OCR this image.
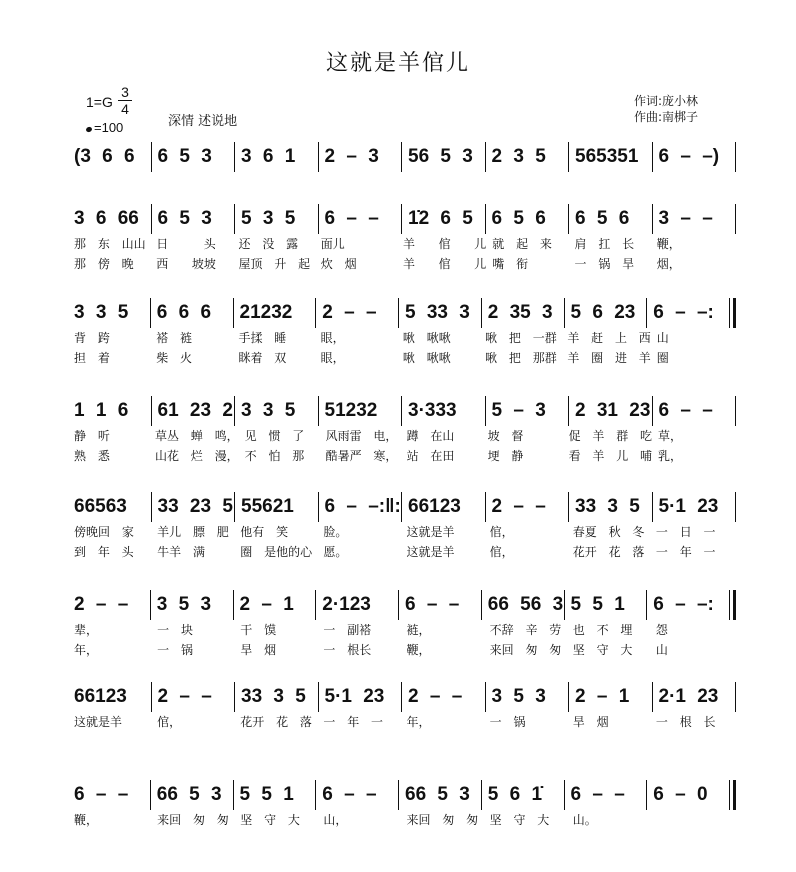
这就是羊倌儿
1=G
3
4
=100	深情 述说地
作词:庞小林
作曲:南梆子
(3 6 6	6 5 3	3 6 1	2 – 3	56 5 3 2 3 5	565351	6 – –)
3 6 66 6 5 3	5 3 5	6 – –	1̇2 6 5 6 5 6	6 5 6	3 – –
那 东 山山 日   头	还 没 露	面儿	羊  倌  儿 就 起 来	肩 扛 长	鞭，
那 傍 晚	西  坡坡	屋顶 升 起 炊 烟	羊  倌  儿 嘴 衔	一 锅 旱	烟，
3 3 5	6 6 6	21232	2 – –	5 33 3 2 35 3 5 6 23 6 – –:
背 跨	褡 裢	手揉 睡	眼，	啾 啾啾	啾 把 一群 羊 赶 上 西 山
担 着	柴 火	眯着 双	眼，	啾 啾啾	啾 把 那群 羊 圈 进 羊 圈
1 1 6	61 23 2 3 3 5	51232	3·333	5 – 3	2 31 23 6 – –
静 听	草丛 蝉 鸣， 见 惯 了	风雨雷 电， 蹲 在山	坡 督	促 羊 群 吃 草，
熟 悉	山花 烂 漫， 不 怕 那	酷暑严 寒， 站 在田	埂 静	看 羊 儿 哺 乳，
66563	33 23 5 55621	6 – –:‖: 66123	2 – –	33 3 5 5·1 23
傍晚回 家	羊儿 膘 肥 他有 笑	脸。	这就是羊	倌，	春夏 秋 冬 一 日 一
到 年 头	牛羊 满	圈 是他的心 愿。	这就是羊	倌，	花开 花 落 一 年 一
2 – –	3 5 3	2 – 1	2·123	6 – –	66 56 3 5 5 1	6 – –:
辈，	一 块	干 馍	一 副褡	裢，	不辞 辛 劳 也 不 埋	怨
年，	一 锅	旱 烟	一 根长	鞭，	来回 匆 匆 坚 守 大	山
66123	2 – –	33 3 5 5·1 23	2 – –	3 5 3	2 – 1	2·1 23
这就是羊	倌，	花开 花 落 一 年 一	年，	一 锅	旱 烟	一 根 长
6 – –	66 5 3 5 5 1	6 – –	66 5 3 5 6 1̇	6 – –	6 – 0
鞭，	来回 匆 匆 坚 守 大	山，	来回 匆 匆 坚 守 大	山。
